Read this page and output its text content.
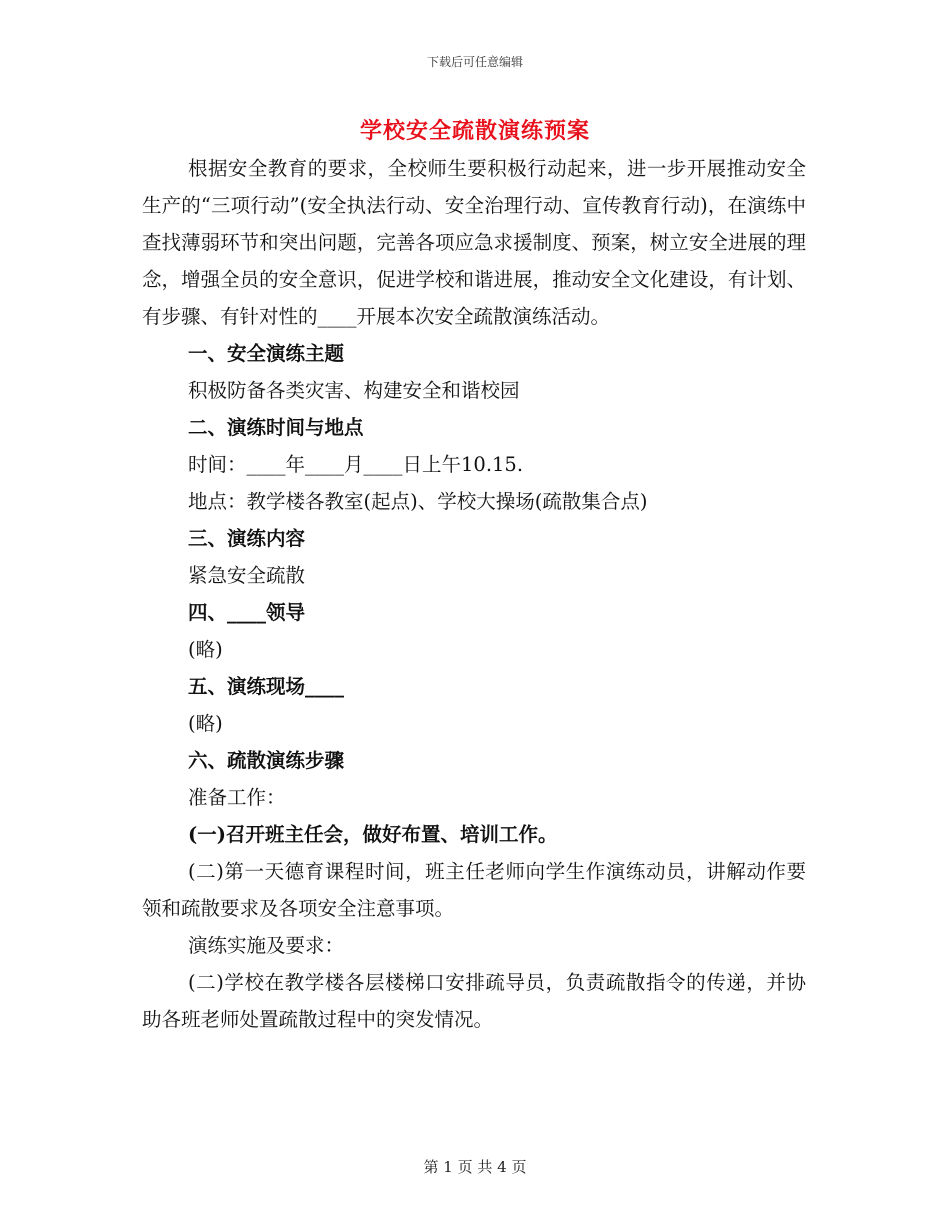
下载后可任意编辑
学校安全疏散演练预案

根据安全教育的要求，全校师生要积极行动起来，进一步开展推动安全生产的“三项行动”(安全执法行动、安全治理行动、宣传教育行动)，在演练中查找薄弱环节和突出问题，完善各项应急求援制度、预案，树立安全进展的理念，增强全员的安全意识，促进学校和谐进展，推动安全文化建设，有计划、有步骤、有针对性的____开展本次安全疏散演练活动。

一、安全演练主题

积极防备各类灾害、构建安全和谐校园

二、演练时间与地点

时间：____年____月____日上午10.15.

地点：教学楼各教室(起点)、学校大操场(疏散集合点)

三、演练内容

紧急安全疏散

四、____领导

(略)

五、演练现场____

(略)

六、疏散演练步骤

准备工作：

(一)召开班主任会，做好布置、培训工作。

(二)第一天德育课程时间，班主任老师向学生作演练动员，讲解动作要领和疏散要求及各项安全注意事项。

演练实施及要求：

(二)学校在教学楼各层楼梯口安排疏导员，负责疏散指令的传递，并协助各班老师处置疏散过程中的突发情况。

第 1 页 共 4 页
